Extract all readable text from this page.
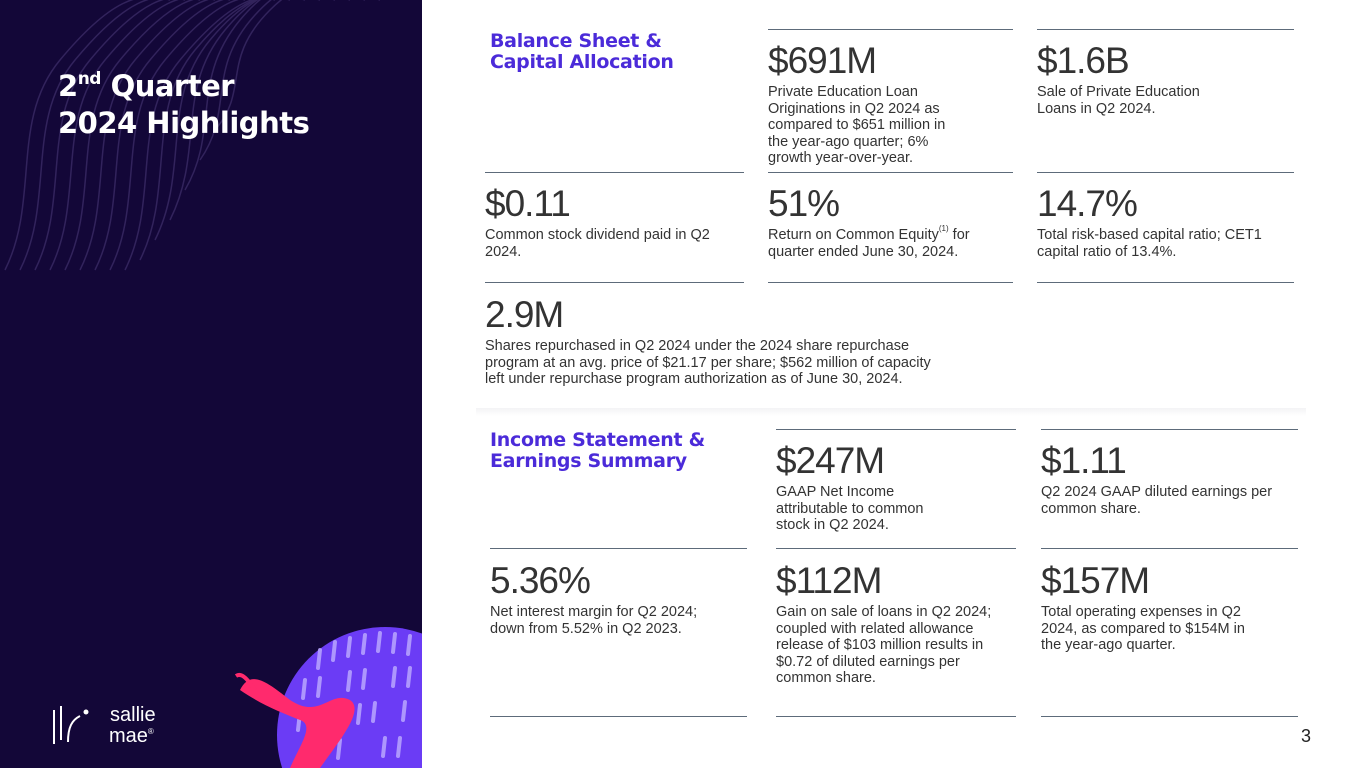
2nd Quarter
2024 Highlights
sallie
mae®
Balance Sheet &
Capital Allocation	$691M
Private Education Loan Originations in Q2 2024 as compared to $651 million in the year-ago quarter; 6% growth year-over-year.
$1.6B
Sale of Private Education Loans in Q2 2024.
$0.11
Common stock dividend paid in Q2 2024.
51%
Return on Common Equity$^{(1)}$ for quarter ended June 30, 2024.
14.7%
Total risk-based capital ratio; CET1 capital ratio of 13.4%.
2.9M
Shares repurchased in Q2 2024 under the 2024 share repurchase program at an avg. price of $21.17 per share; $562 million of capacity left under repurchase program authorization as of June 30, 2024.
Income Statement &
Earnings Summary	$247M
GAAP Net Income attributable to common stock in Q2 2024.
$1.11
Q2 2024 GAAP diluted earnings per common share.
5.36%
Net interest margin for Q2 2024; down from 5.52% in Q2 2023.
$112M
Gain on sale of loans in Q2 2024; coupled with related allowance release of $103 million results in $0.72 of diluted earnings per common share.
$157M
Total operating expenses in Q2 2024, as compared to $154M in the year-ago quarter.
3
